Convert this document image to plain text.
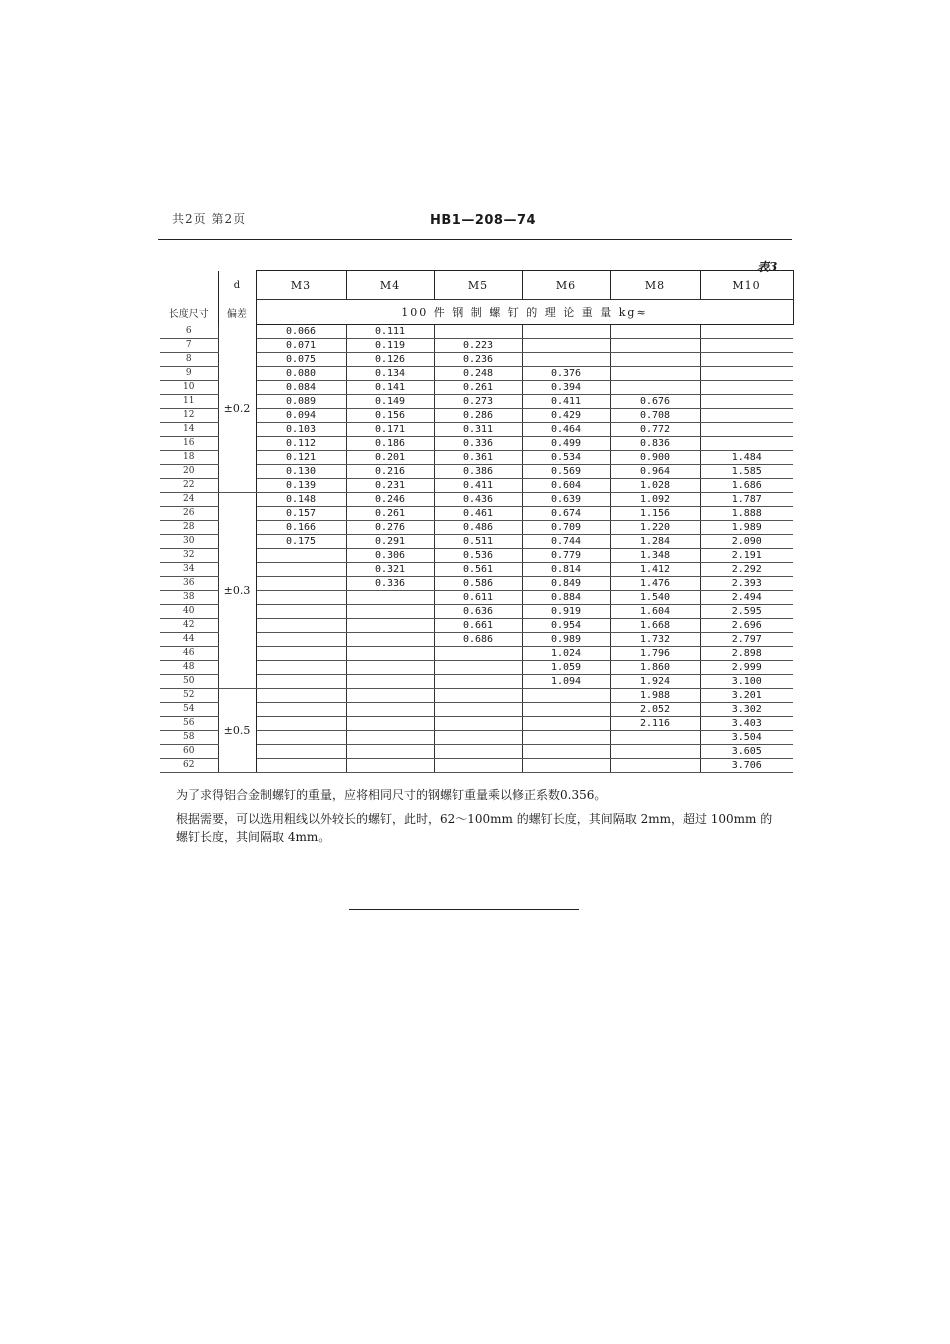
共2页 第2页	HB1—208—74
表3
	d	M3	M4	M5	M6	M8	M10
长度尺寸	偏差	100 件 钢 制 螺 钉 的 理 论 重 量 kg≈					
6	±0.2	0.066	0.111				
7		0.071	0.119	0.223			
8		0.075	0.126	0.236			
9		0.080	0.134	0.248	0.376		
10		0.084	0.141	0.261	0.394		
11		0.089	0.149	0.273	0.411	0.676	
12		0.094	0.156	0.286	0.429	0.708	
14		0.103	0.171	0.311	0.464	0.772	
16		0.112	0.186	0.336	0.499	0.836	
18		0.121	0.201	0.361	0.534	0.900	1.484
20		0.130	0.216	0.386	0.569	0.964	1.585
22		0.139	0.231	0.411	0.604	1.028	1.686
24	±0.3	0.148	0.246	0.436	0.639	1.092	1.787
26		0.157	0.261	0.461	0.674	1.156	1.888
28		0.166	0.276	0.486	0.709	1.220	1.989
30		0.175	0.291	0.511	0.744	1.284	2.090
32			0.306	0.536	0.779	1.348	2.191
34			0.321	0.561	0.814	1.412	2.292
36			0.336	0.586	0.849	1.476	2.393
38				0.611	0.884	1.540	2.494
40				0.636	0.919	1.604	2.595
42				0.661	0.954	1.668	2.696
44				0.686	0.989	1.732	2.797
46					1.024	1.796	2.898
48					1.059	1.860	2.999
50					1.094	1.924	3.100
52	±0.5					1.988	3.201
54						2.052	3.302
56						2.116	3.403
58							3.504
60							3.605
62							3.706
为了求得铝合金制螺钉的重量，应将相同尺寸的钢螺钉重量乘以修正系数0.356。
根据需要，可以选用粗线以外较长的螺钉，此时，62～100mm 的螺钉长度，其间隔取 2mm，超过 100mm 的螺钉长度，其间隔取 4mm。
